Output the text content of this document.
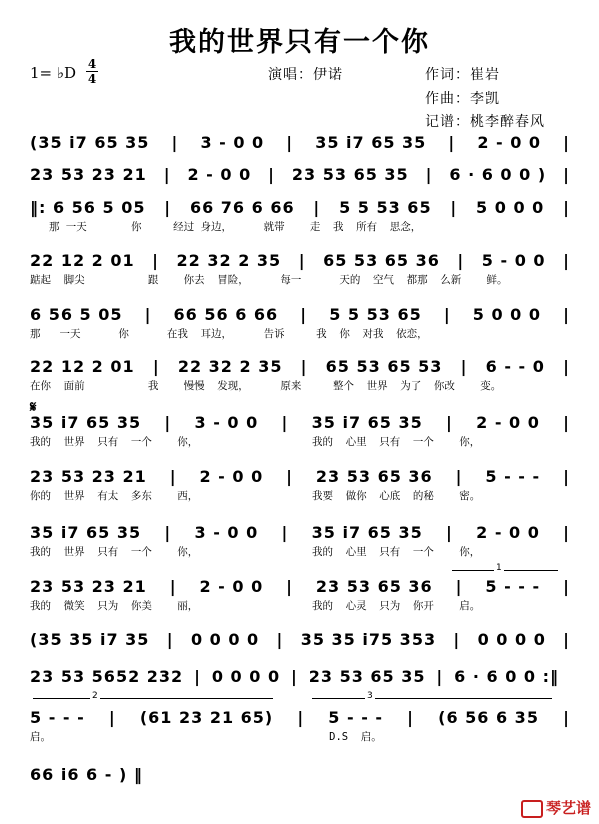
我的世界只有一个你
1= ♭D 4
4	演唱：伊诺	作词：崔岩
作曲：李凯
记谱：桃李醉春风
(35 i7 65 35 | 3 - 0 0 | 35 i7 65 35 | 2 - 0 0 |
23 53 23 21 | 2 - 0 0 | 23 53 65 35 | 6 · 6 0 0 ) |
‖: 6 56 5 05 | 66 76 6 66 | 5 5 53 65 | 5 0 0 0 |
那 一天       你     经过 身边，     就带    走  我  所有  思念，
22 12 2 01 | 22 32 2 35 | 65 53 65 36 | 5 - 0 0 |
踮起  脚尖          跟    你去  冒险，     每一      天的  空气  都那  么新    鲜。
6 56 5 05 | 66 56 6 66 | 5 5 53 65 | 5 0 0 0 |
那   一天      你      在我  耳边，     告诉     我  你  对我  依恋，
22 12 2 01 | 22 32 2 35 | 65 53 65 53 | 6 - - 0 |
在你  面前          我    慢慢  发现，     原来     整个  世界  为了  你改    变。
35 i7 65 35 | 3 - 0 0 | 35 i7 65 35 | 2 - 0 0 |
我的  世界  只有  一个    你，                  我的  心里  只有  一个    你，
23 53 23 21 | 2 - 0 0 | 23 53 65 36 | 5 - - - |
你的  世界  有太  多东    西，                  我要  做你  心底  的秘    密。
35 i7 65 35 | 3 - 0 0 | 35 i7 65 35 | 2 - 0 0 |
我的  世界  只有  一个    你，                  我的  心里  只有  一个    你，
23 53 23 21 | 2 - 0 0 | 23 53 65 36 | 5 - - - |
我的  微笑  只为  你美    丽，                  我的  心灵  只为  你开    启。
(35 35 i7 35 | 0 0 0 0 | 35 35 i75 353 | 0 0 0 0 |
23 53 5652 232 | 0 0 0 0 | 23 53 65 35 | 6 · 6 0 0 :‖
5 - - - | (61 23 21 65) | 5 - - - | (6 56 6 35 |
启。                                            D.S  启。
66 i6 6 - ) ‖
𝄋
1
2	3
琴艺谱
